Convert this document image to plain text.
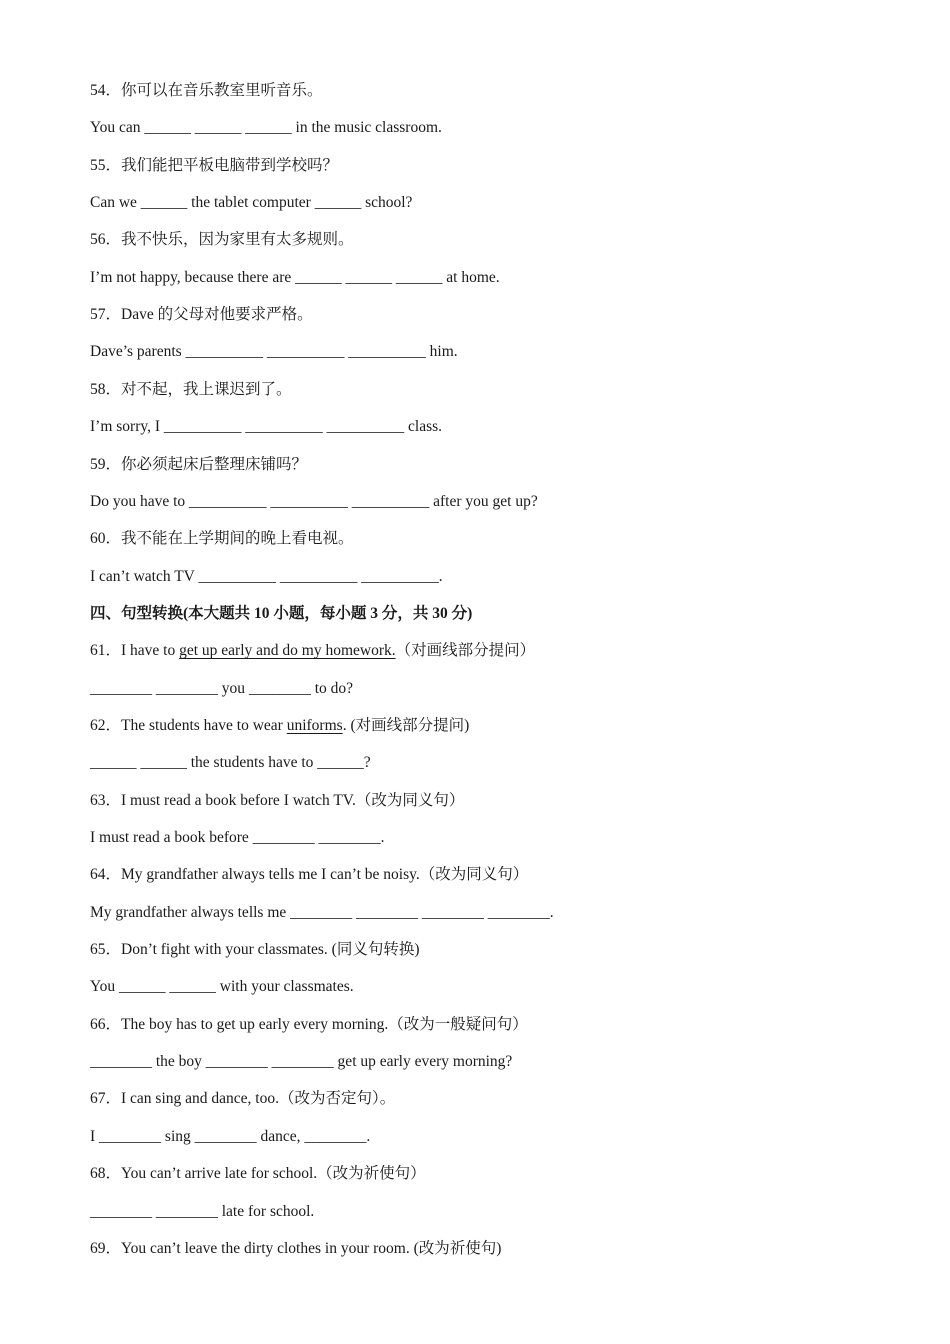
54．你可以在音乐教室里听音乐。
You can ______ ______ ______ in the music classroom.
55．我们能把平板电脑带到学校吗？
Can we ______ the tablet computer ______ school?
56．我不快乐，因为家里有太多规则。
I’m not happy, because there are ______ ______ ______ at home.
57．Dave 的父母对他要求严格。
Dave’s parents __________ __________ __________ him.
58．对不起，我上课迟到了。
I’m sorry, I __________ __________ __________ class.
59．你必须起床后整理床铺吗？
Do you have to __________ __________ __________ after you get up?
60．我不能在上学期间的晚上看电视。
I can’t watch TV __________ __________ __________.
四、句型转换(本大题共 10 小题，每小题 3 分，共 30 分)
61．I have to get up early and do my homework.（对画线部分提问）
________ ________ you ________ to do?
62．The students have to wear uniforms. (对画线部分提问)
______ ______ the students have to ______?
63．I must read a book before I watch TV.（改为同义句）
I must read a book before ________ ________.
64．My grandfather always tells me I can’t be noisy.（改为同义句）
My grandfather always tells me ________ ________ ________ ________.
65．Don’t fight with your classmates. (同义句转换)
You ______ ______ with your classmates.
66．The boy has to get up early every morning.（改为一般疑问句）
________ the boy ________ ________ get up early every morning?
67．I can sing and dance, too.（改为否定句）。
I ________ sing ________ dance, ________.
68．You can’t arrive late for school.（改为祈使句）
________ ________ late for school.
69．You can’t leave the dirty clothes in your room. (改为祈使句)
